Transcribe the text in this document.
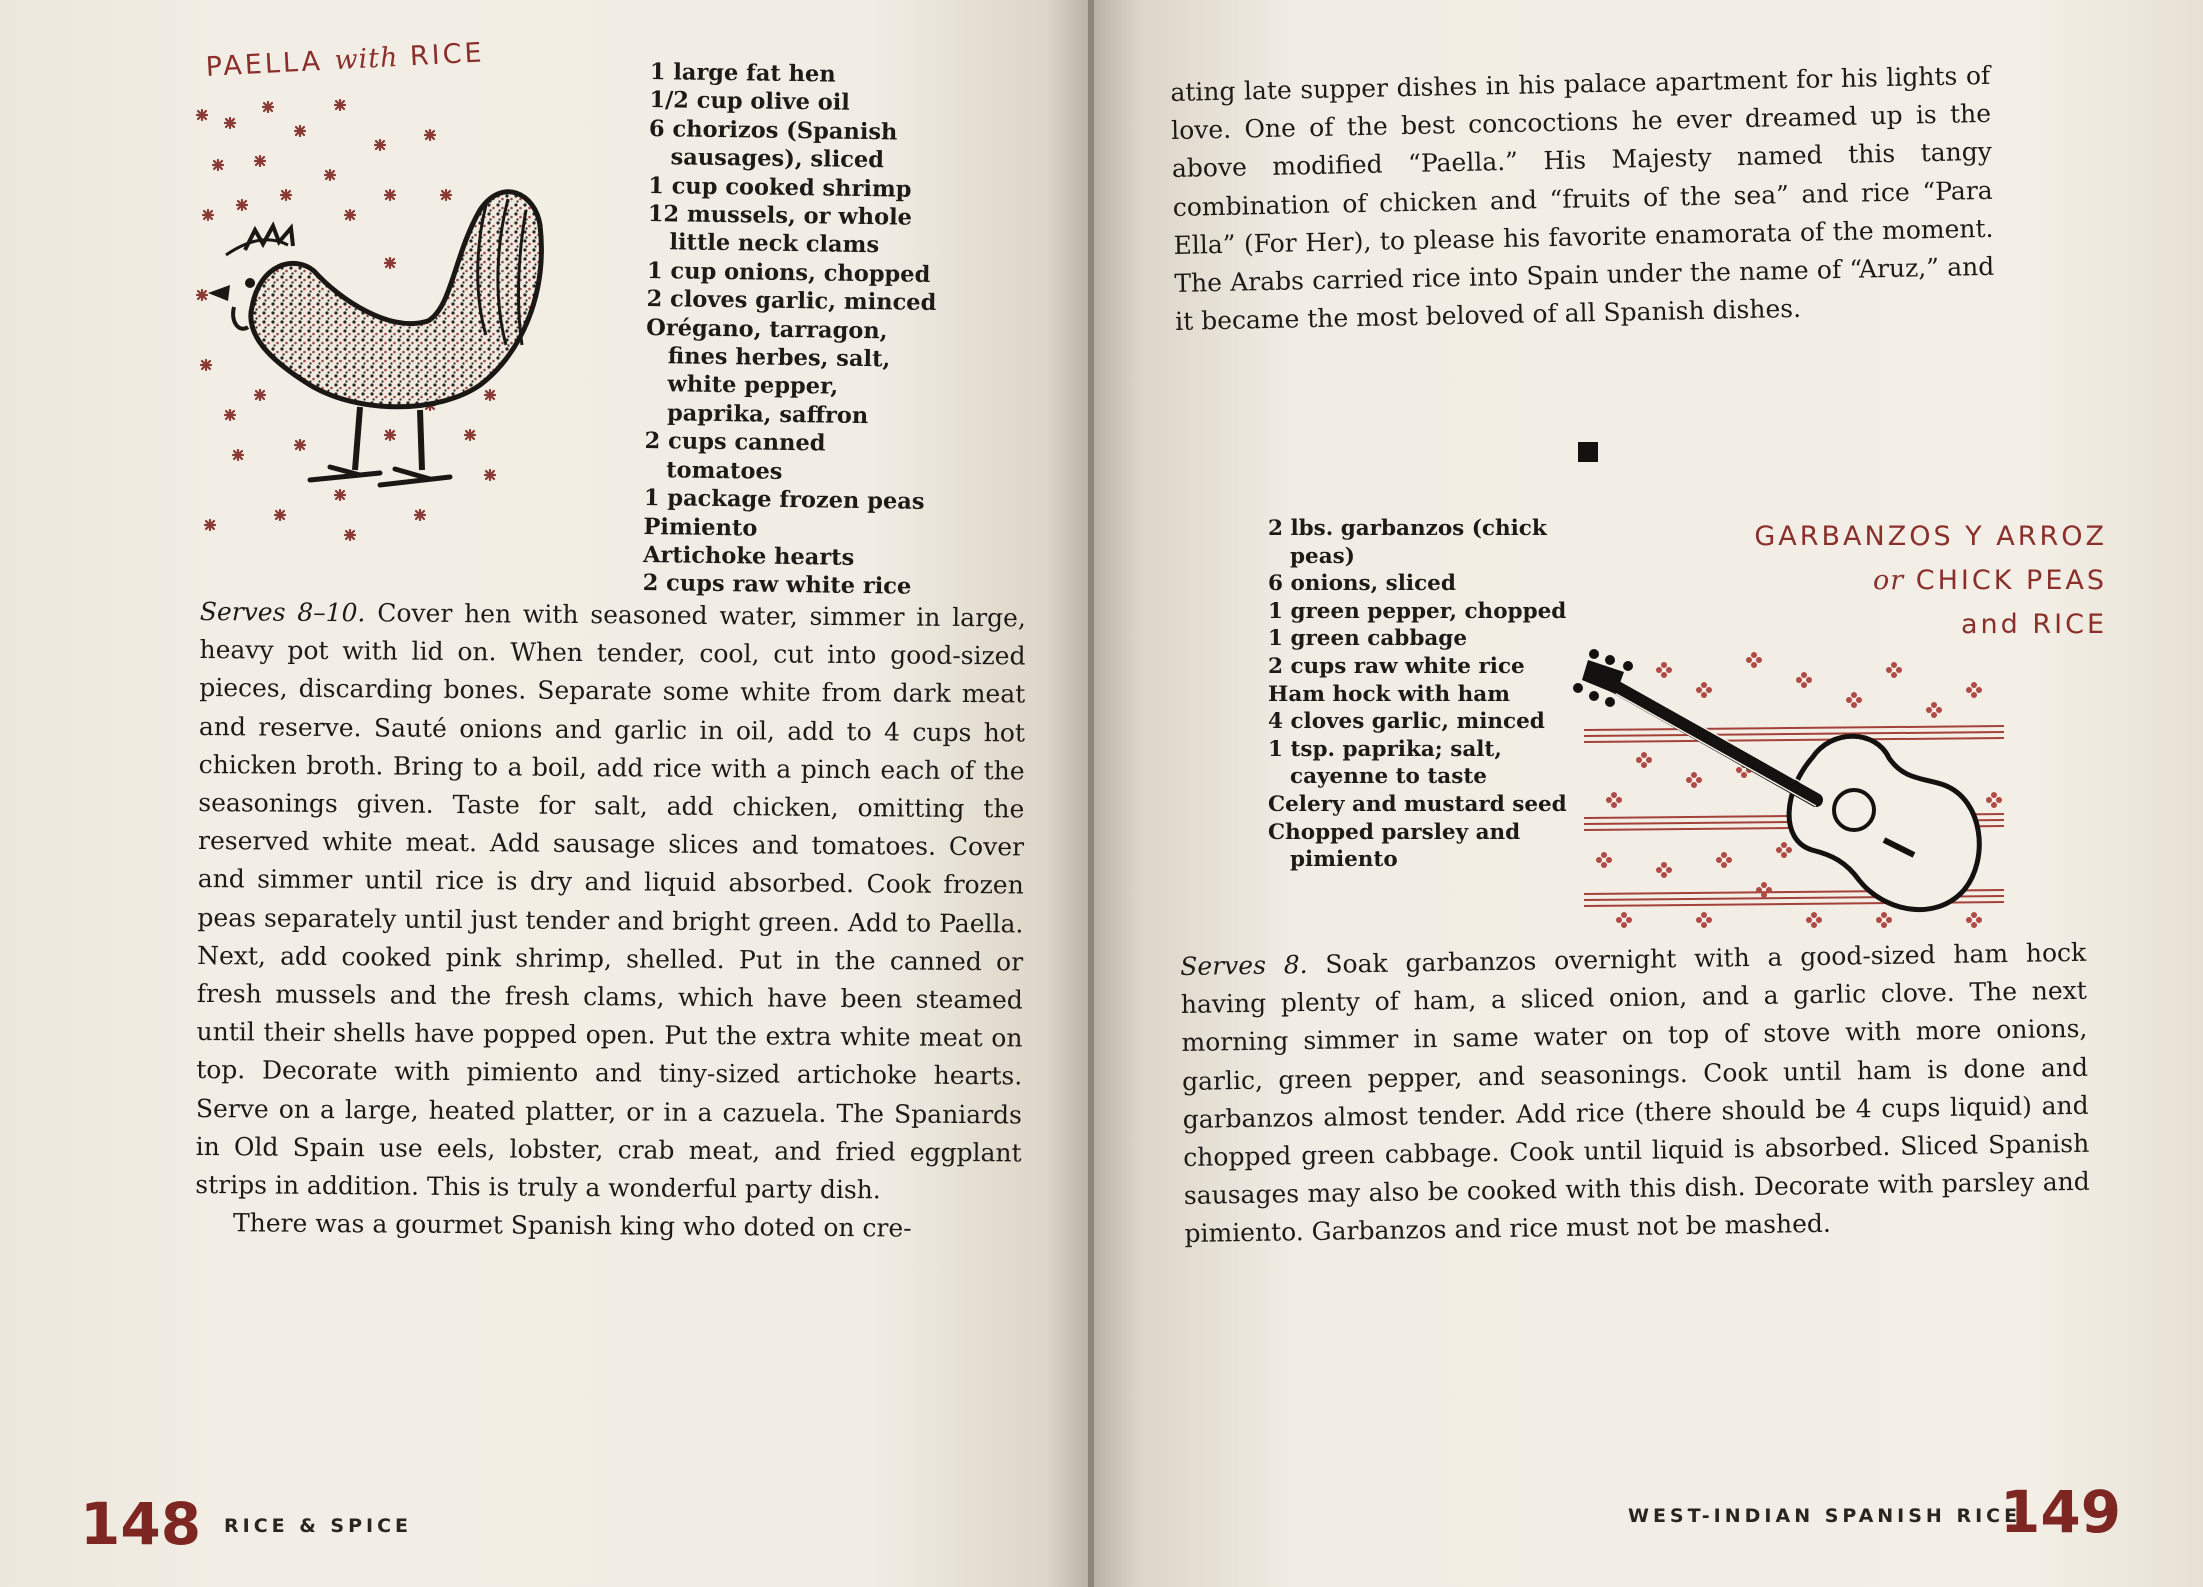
PAELLA with RICE
1 large fat hen
1/2 cup olive oil
6 chorizos (Spanish sausages), sliced
1 cup cooked shrimp
12 mussels, or whole little neck clams
1 cup onions, chopped
2 cloves garlic, minced
Orégano, tarragon, fines herbes, salt, white pepper, paprika, saffron
2 cups canned tomatoes
1 package frozen peas
Pimiento
Artichoke hearts
2 cups raw white rice

Serves 8–10. Cover hen with seasoned water, simmer in large, heavy pot with lid on. When tender, cool, cut into good-sized pieces, discarding bones. Separate some white from dark meat and reserve. Sauté onions and garlic in oil, add to 4 cups hot chicken broth. Bring to a boil, add rice with a pinch each of the seasonings given. Taste for salt, add chicken, omitting the reserved white meat. Add sausage slices and tomatoes. Cover and simmer until rice is dry and liquid absorbed. Cook frozen peas separately until just tender and bright green. Add to Paella. Next, add cooked pink shrimp, shelled. Put in the canned or fresh mussels and the fresh clams, which have been steamed until their shells have popped open. Put the extra white meat on top. Decorate with pimiento and tiny-sized artichoke hearts. Serve on a large, heated platter, or in a cazuela. The Spaniards in Old Spain use eels, lobster, crab meat, and fried eggplant strips in addition. This is truly a wonderful party dish.

There was a gourmet Spanish king who doted on cre-

148 RICE & SPICE

ating late supper dishes in his palace apartment for his lights of love. One of the best concoctions he ever dreamed up is the above modified “Paella.” His Majesty named this tangy combination of chicken and “fruits of the sea” and rice “Para Ella” (For Her), to please his favorite enamorata of the moment. The Arabs carried rice into Spain under the name of “Aruz,” and it became the most beloved of all Spanish dishes.

GARBANZOS Y ARROZ
or CHICK PEAS
and RICE
2 lbs. garbanzos (chick peas)
6 onions, sliced
1 green pepper, chopped
1 green cabbage
2 cups raw white rice
Ham hock with ham
4 cloves garlic, minced
1 tsp. paprika; salt, cayenne to taste
Celery and mustard seed
Chopped parsley and pimiento

Serves 8. Soak garbanzos overnight with a good-sized ham hock having plenty of ham, a sliced onion, and a garlic clove. The next morning simmer in same water on top of stove with more onions, garlic, green pepper, and seasonings. Cook until ham is done and garbanzos almost tender. Add rice (there should be 4 cups liquid) and chopped green cabbage. Cook until liquid is absorbed. Sliced Spanish sausages may also be cooked with this dish. Decorate with parsley and pimiento. Garbanzos and rice must not be mashed.

WEST-INDIAN SPANISH RICE
149
